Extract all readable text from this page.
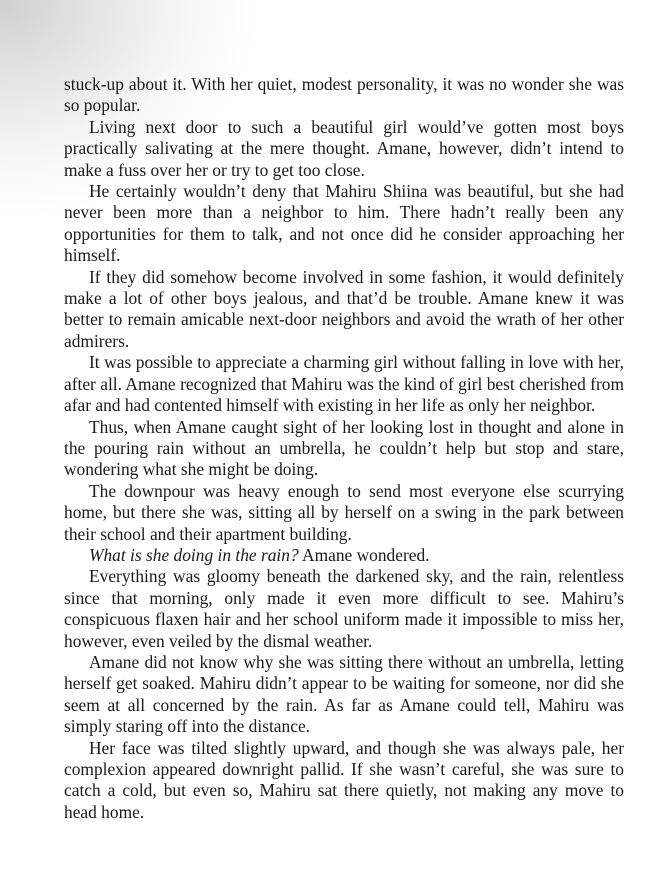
stuck-up about it. With her quiet, modest personality, it was no wonder she was so popular.

Living next door to such a beautiful girl would’ve gotten most boys practically salivating at the mere thought. Amane, however, didn’t intend to make a fuss over her or try to get too close.

He certainly wouldn’t deny that Mahiru Shiina was beautiful, but she had never been more than a neighbor to him. There hadn’t really been any opportunities for them to talk, and not once did he consider approaching her himself.

If they did somehow become involved in some fashion, it would definitely make a lot of other boys jealous, and that’d be trouble. Amane knew it was better to remain amicable next-door neighbors and avoid the wrath of her other admirers.

It was possible to appreciate a charming girl without falling in love with her, after all. Amane recognized that Mahiru was the kind of girl best cherished from afar and had contented himself with existing in her life as only her neighbor.

Thus, when Amane caught sight of her looking lost in thought and alone in the pouring rain without an umbrella, he couldn’t help but stop and stare, wondering what she might be doing.

The downpour was heavy enough to send most everyone else scurrying home, but there she was, sitting all by herself on a swing in the park between their school and their apartment building.

What is she doing in the rain? Amane wondered.

Everything was gloomy beneath the darkened sky, and the rain, relentless since that morning, only made it even more difficult to see. Mahiru’s conspicuous flaxen hair and her school uniform made it impossible to miss her, however, even veiled by the dismal weather.

Amane did not know why she was sitting there without an umbrella, letting herself get soaked. Mahiru didn’t appear to be waiting for someone, nor did she seem at all concerned by the rain. As far as Amane could tell, Mahiru was simply staring off into the distance.

Her face was tilted slightly upward, and though she was always pale, her complexion appeared downright pallid. If she wasn’t careful, she was sure to catch a cold, but even so, Mahiru sat there quietly, not making any move to head home.
